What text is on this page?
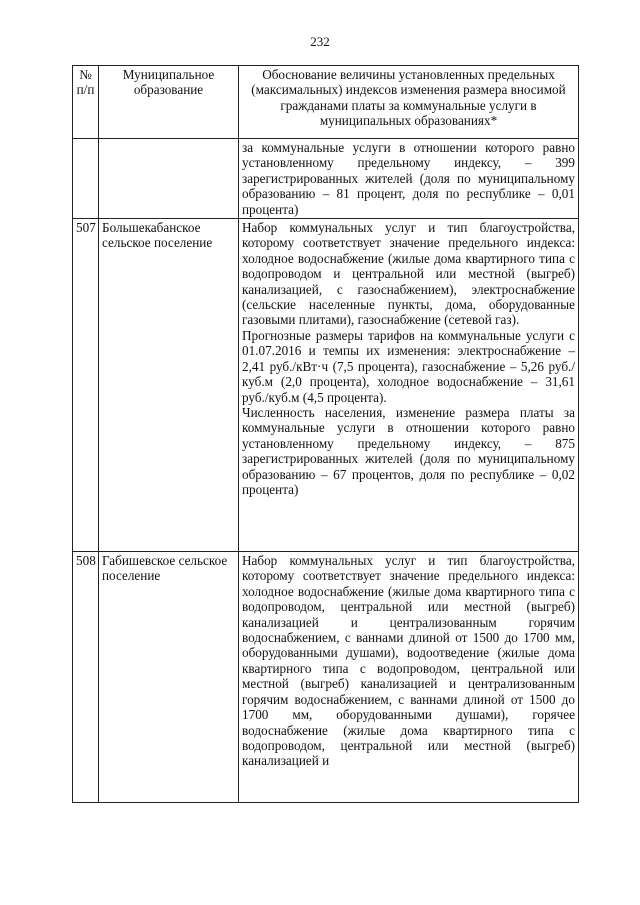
232
№ п/п	Муниципальное образование	Обоснование величины установленных предельных (максимальных) индексов изменения размера вносимой гражданами платы за коммунальные услуги в муниципальных образованиях*

		за коммунальные услуги в отношении которого равно установленному предельному индексу, – 399 зарегистрированных жителей (доля по муниципальному образованию – 81 процент, доля по республике – 0,01 процента)

507	Большекабанское сельское поселение	Набор коммунальных услуг и тип благоустройства, которому соответствует значение предельного индекса: холодное водоснабжение (жилые дома квартирного типа с водопроводом и центральной или местной (выгреб) канализацией, с газоснабжением), электроснабжение (сельские населенные пункты, дома, оборудованные газовыми плитами), газоснабжение (сетевой газ).

Прогнозные размеры тарифов на коммунальные услуги с 01.07.2016 и темпы их изменения: электроснабжение – 2,41 руб./кВт·ч (7,5 процента), газоснабжение – 5,26 руб./куб.м (2,0 процента), холодное водоснабжение – 31,61 руб./куб.м (4,5 процента).

Численность населения, изменение размера платы за коммунальные услуги в отношении которого равно установленному предельному индексу, – 875 зарегистрированных жителей (доля по муниципальному образованию – 67 процентов, доля по республике – 0,02 процента)

508	Габишевское сельское поселение	Набор коммунальных услуг и тип благоустройства, которому соответствует значение предельного индекса: холодное водоснабжение (жилые дома квартирного типа с водопроводом, центральной или местной (выгреб) канализацией и централизованным горячим водоснабжением, с ваннами длиной от 1500 до 1700 мм, оборудованными душами), водоотведение (жилые дома квартирного типа с водопроводом, центральной или местной (выгреб) канализацией и централизованным горячим водоснабжением, с ваннами длиной от 1500 до 1700 мм, оборудованными душами), горячее водоснабжение (жилые дома квартирного типа с водопроводом, центральной или местной (выгреб) канализацией и
